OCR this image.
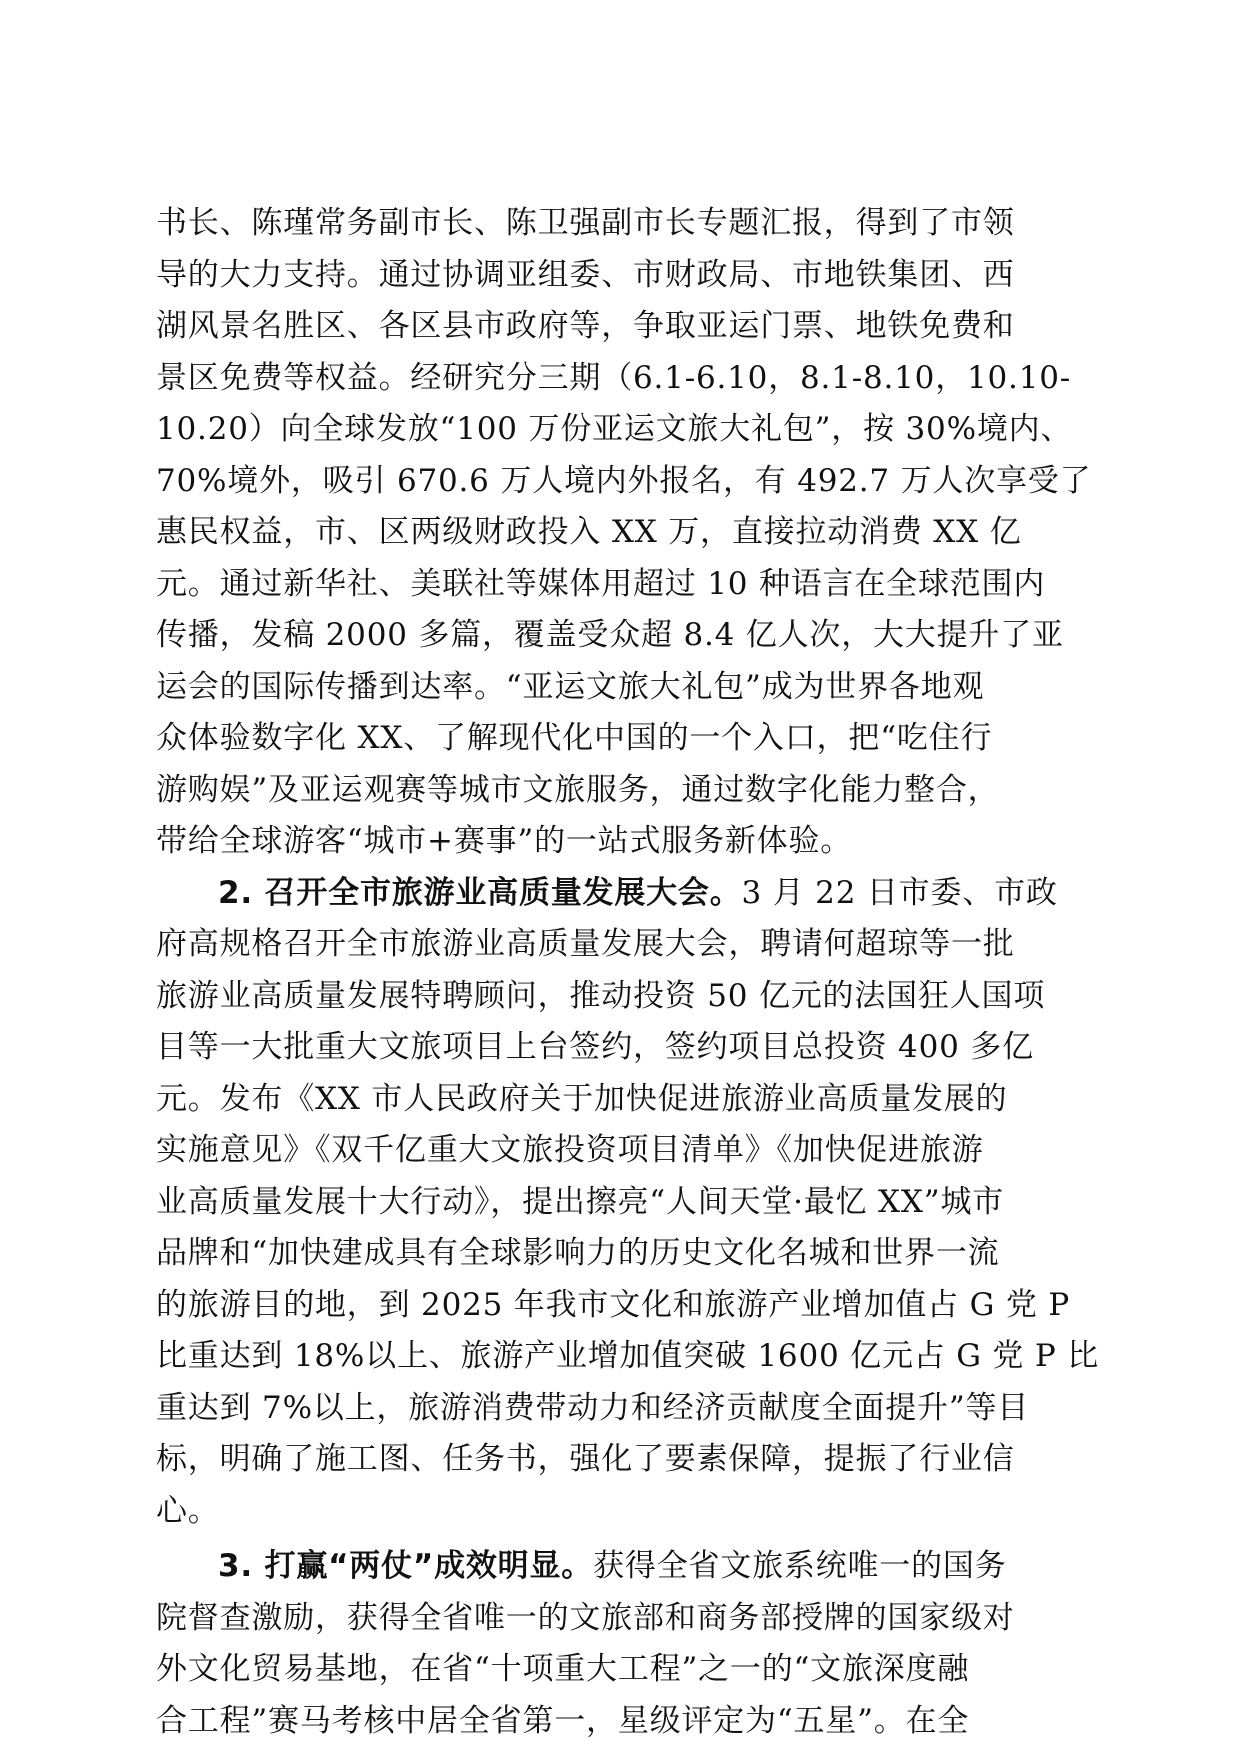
书长、陈瑾常务副市长、陈卫强副市长专题汇报，得到了市领
导的大力支持。通过协调亚组委、市财政局、市地铁集团、西
湖风景名胜区、各区县市政府等，争取亚运门票、地铁免费和
景区免费等权益。经研究分三期（6.1-6.10，8.1-8.10，10.10-
10.20）向全球发放“100 万份亚运文旅大礼包”，按 30%境内、
70%境外，吸引 670.6 万人境内外报名，有 492.7 万人次享受了
惠民权益，市、区两级财政投入 XX 万，直接拉动消费 XX 亿
元。通过新华社、美联社等媒体用超过 10 种语言在全球范围内
传播，发稿 2000 多篇，覆盖受众超 8.4 亿人次，大大提升了亚
运会的国际传播到达率。“亚运文旅大礼包”成为世界各地观
众体验数字化 XX、了解现代化中国的一个入口，把“吃住行
游购娱”及亚运观赛等城市文旅服务，通过数字化能力整合，
带给全球游客“城市+赛事”的一站式服务新体验。
2. 召开全市旅游业高质量发展大会。3 月 22 日市委、市政
府高规格召开全市旅游业高质量发展大会，聘请何超琼等一批
旅游业高质量发展特聘顾问，推动投资 50 亿元的法国狂人国项
目等一大批重大文旅项目上台签约，签约项目总投资 400 多亿
元。发布《XX 市人民政府关于加快促进旅游业高质量发展的
实施意见》《双千亿重大文旅投资项目清单》《加快促进旅游
业高质量发展十大行动》，提出擦亮“人间天堂·最忆 XX”城市
品牌和“加快建成具有全球影响力的历史文化名城和世界一流
的旅游目的地，到 2025 年我市文化和旅游产业增加值占 G 党 P
比重达到 18%以上、旅游产业增加值突破 1600 亿元占 G 党 P 比
重达到 7%以上，旅游消费带动力和经济贡献度全面提升”等目
标，明确了施工图、任务书，强化了要素保障，提振了行业信
心。
3. 打赢“两仗”成效明显。获得全省文旅系统唯一的国务
院督查激励，获得全省唯一的文旅部和商务部授牌的国家级对
外文化贸易基地，在省“十项重大工程”之一的“文旅深度融
合工程”赛马考核中居全省第一，星级评定为“五星”。在全
